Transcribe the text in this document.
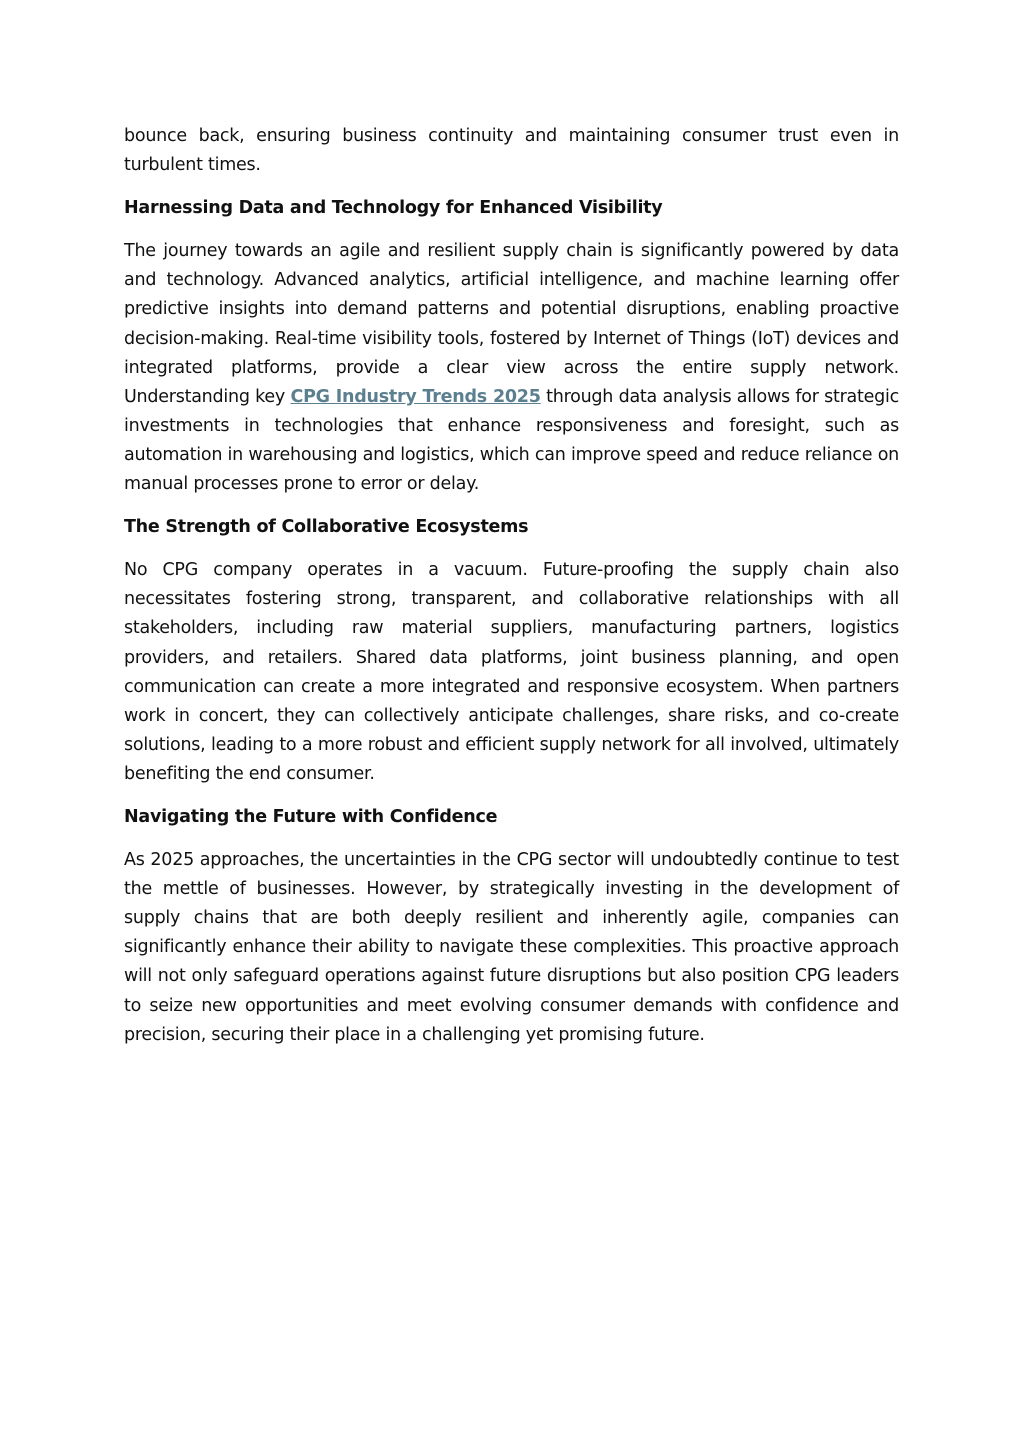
bounce back, ensuring business continuity and maintaining consumer trust even in turbulent times.

Harnessing Data and Technology for Enhanced Visibility

The journey towards an agile and resilient supply chain is significantly powered by data and technology. Advanced analytics, artificial intelligence, and machine learning offer predictive insights into demand patterns and potential disruptions, enabling proactive decision-making. Real-time visibility tools, fostered by Internet of Things (IoT) devices and integrated platforms, provide a clear view across the entire supply network. Understanding key CPG Industry Trends 2025 through data analysis allows for strategic investments in technologies that enhance responsiveness and foresight, such as automation in warehousing and logistics, which can improve speed and reduce reliance on manual processes prone to error or delay.

The Strength of Collaborative Ecosystems

No CPG company operates in a vacuum. Future-proofing the supply chain also necessitates fostering strong, transparent, and collaborative relationships with all stakeholders, including raw material suppliers, manufacturing partners, logistics providers, and retailers. Shared data platforms, joint business planning, and open communication can create a more integrated and responsive ecosystem. When partners work in concert, they can collectively anticipate challenges, share risks, and co-create solutions, leading to a more robust and efficient supply network for all involved, ultimately benefiting the end consumer.

Navigating the Future with Confidence

As 2025 approaches, the uncertainties in the CPG sector will undoubtedly continue to test the mettle of businesses. However, by strategically investing in the development of supply chains that are both deeply resilient and inherently agile, companies can significantly enhance their ability to navigate these complexities. This proactive approach will not only safeguard operations against future disruptions but also position CPG leaders to seize new opportunities and meet evolving consumer demands with confidence and precision, securing their place in a challenging yet promising future.
